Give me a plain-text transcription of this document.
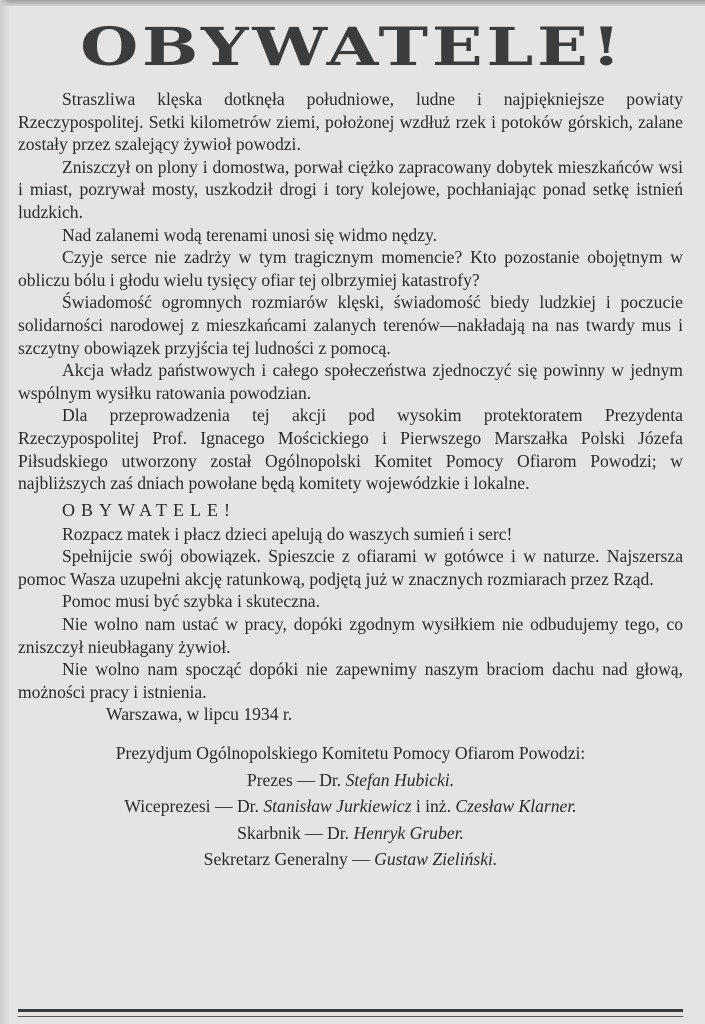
OBYWATELE!

Straszliwa klęska dotknęła południowe, ludne i najpiękniejsze powiaty Rzeczypospolitej. Setki kilometrów ziemi, położonej wzdłuż rzek i potoków górskich, zalane zostały przez szalejący żywioł powodzi.

Zniszczył on plony i domostwa, porwał ciężko zapracowany dobytek mieszkańców wsi i miast, pozrywał mosty, uszkodził drogi i tory kolejowe, pochłaniając ponad setkę istnień ludzkich.

Nad zalanemi wodą terenami unosi się widmo nędzy.

Czyje serce nie zadrży w tym tragicznym momencie? Kto pozostanie obojętnym w obliczu bólu i głodu wielu tysięcy ofiar tej olbrzymiej katastrofy?

Świadomość ogromnych rozmiarów klęski, świadomość biedy ludzkiej i poczucie solidarności narodowej z mieszkańcami zalanych terenów—nakładają na nas twardy mus i szczytny obowiązek przyjścia tej ludności z pomocą.

Akcja władz państwowych i całego społeczeństwa zjednoczyć się powinny w jednym wspólnym wysiłku ratowania powodzian.

Dla przeprowadzenia tej akcji pod wysokim protektoratem Prezydenta Rzeczypospolitej Prof. Ignacego Mościckiego i Pierwszego Marszałka Polski Józefa Piłsudskiego utworzony został Ogólnopolski Komitet Pomocy Ofiarom Powodzi; w najbliższych zaś dniach powołane będą komitety wojewódzkie i lokalne.

OBYWATELE!

Rozpacz matek i płacz dzieci apelują do waszych sumień i serc!

Spełnijcie swój obowiązek. Spieszcie z ofiarami w gotówce i w naturze. Najszersza pomoc Wasza uzupełni akcję ratunkową, podjętą już w znacznych rozmiarach przez Rząd.

Pomoc musi być szybka i skuteczna.

Nie wolno nam ustać w pracy, dopóki zgodnym wysiłkiem nie odbudujemy tego, co zniszczył nieubłagany żywioł.

Nie wolno nam spocząć dopóki nie zapewnimy naszym braciom dachu nad głową, możności pracy i istnienia.

Warszawa, w lipcu 1934 r.

Prezydjum Ogólnopolskiego Komitetu Pomocy Ofiarom Powodzi:
Prezes — Dr. Stefan Hubicki.
Wiceprezesi — Dr. Stanisław Jurkiewicz i inż. Czesław Klarner.
Skarbnik — Dr. Henryk Gruber.
Sekretarz Generalny — Gustaw Zieliński.
